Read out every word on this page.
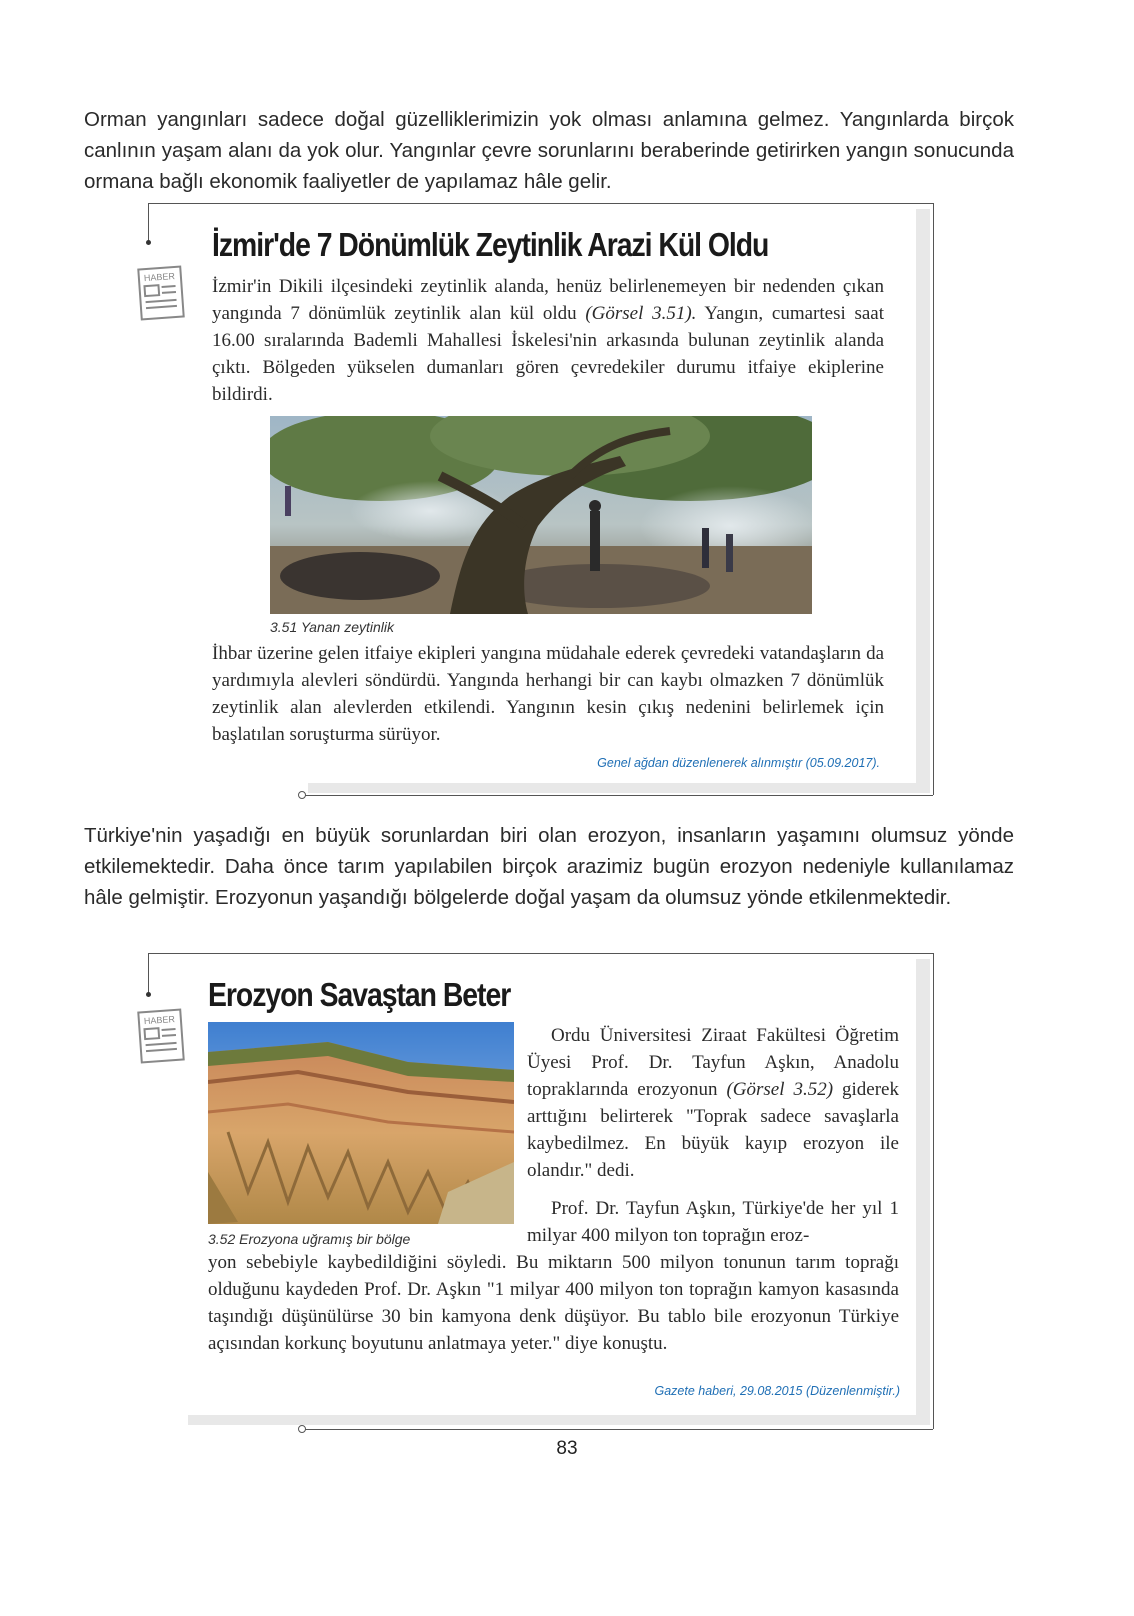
Orman yangınları sadece doğal güzelliklerimizin yok olması anlamına gelmez. Yangınlarda birçok canlının yaşam alanı da yok olur. Yangınlar çevre sorunlarını beraberinde getirirken yangın sonucunda ormana bağlı ekonomik faaliyetler de yapılamaz hâle gelir.
HABER
İzmir'de 7 Dönümlük Zeytinlik Arazi Kül Oldu
İzmir'in Dikili ilçesindeki zeytinlik alanda, henüz belirlenemeyen bir nedenden çıkan yangında 7 dönümlük zeytinlik alan kül oldu (Görsel 3.51). Yangın, cumartesi saat 16.00 sıralarında Bademli Mahallesi İskelesi'nin arkasında bulunan zeytinlik alanda çıktı. Bölgeden yükselen dumanları gören çevredekiler durumu itfaiye ekiplerine bildirdi.
3.51 Yanan zeytinlik
İhbar üzerine gelen itfaiye ekipleri yangına müdahale ederek çevredeki vatandaşların da yardımıyla alevleri söndürdü. Yangında herhangi bir can kaybı olmazken 7 dönümlük zeytinlik alan alevlerden etkilendi. Yangının kesin çıkış nedenini belirlemek için başlatılan soruşturma sürüyor.
Genel ağdan düzenlenerek alınmıştır (05.09.2017).
Türkiye'nin yaşadığı en büyük sorunlardan biri olan erozyon, insanların yaşamını olumsuz yönde etkilemektedir. Daha önce tarım yapılabilen birçok arazimiz bugün erozyon nedeniyle kullanılamaz hâle gelmiştir. Erozyonun yaşandığı bölgelerde doğal yaşam da olumsuz yönde etkilenmektedir.
HABER
Erozyon Savaştan Beter
3.52 Erozyona uğramış bir bölge
Ordu Üniversitesi Ziraat Fakültesi Öğretim Üyesi Prof. Dr. Tayfun Aşkın, Anadolu topraklarında erozyonun (Görsel 3.52) giderek arttığını belirterek "Toprak sadece savaşlarla kaybedilmez. En büyük kayıp erozyon ile olandır." dedi.
Prof. Dr. Tayfun Aşkın, Türkiye'de her yıl 1 milyar 400 milyon ton toprağın eroz-
yon sebebiyle kaybedildiğini söyledi. Bu miktarın 500 milyon tonunun tarım toprağı olduğunu kaydeden Prof. Dr. Aşkın "1 milyar 400 milyon ton toprağın kamyon kasasında taşındığı düşünülürse 30 bin kamyona denk düşüyor. Bu tablo bile erozyonun Türkiye açısından korkunç boyutunu anlatmaya yeter." diye konuştu.
Gazete haberi, 29.08.2015 (Düzenlenmiştir.)
83
